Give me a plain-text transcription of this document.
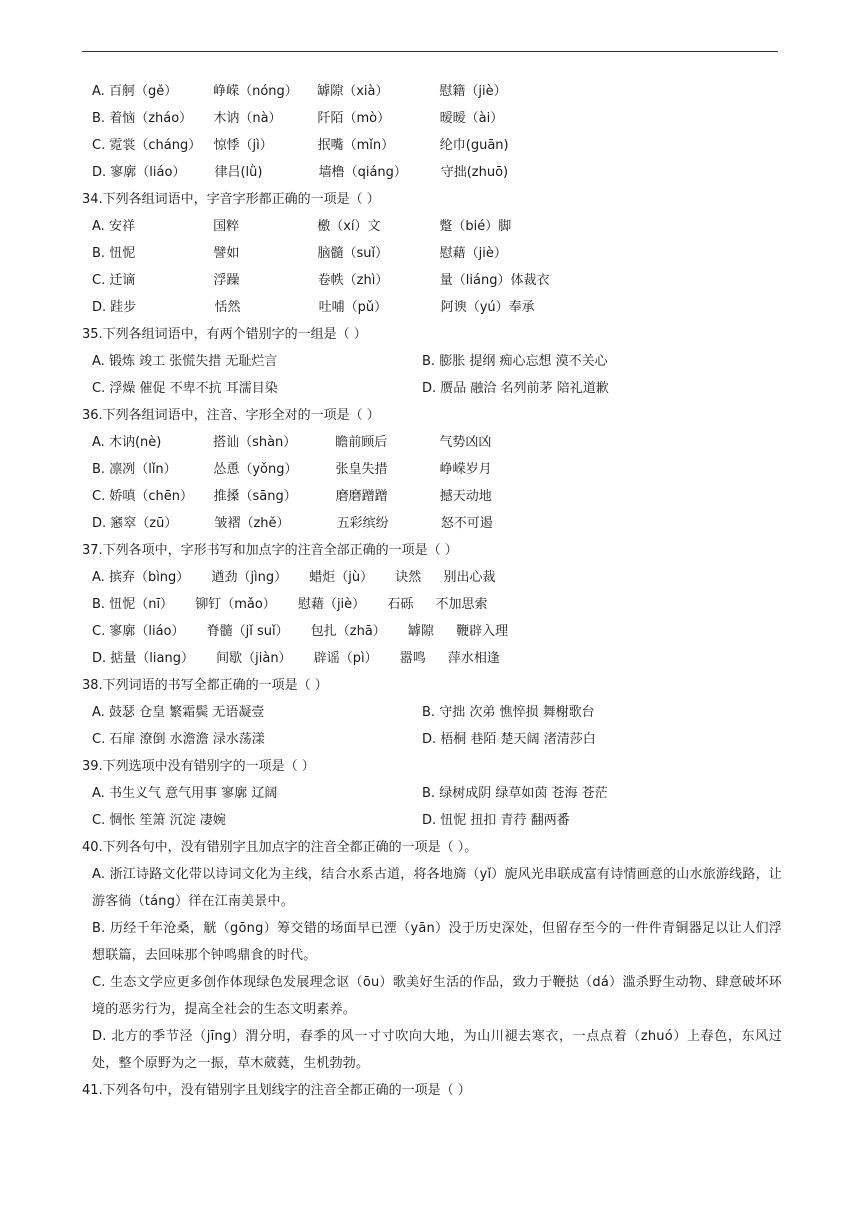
A. 百舸（gě）	峥嵘（nóng） 罅隙（xià）	慰籍（jiè）
B. 着恼（zháo） 木讷（nà）	阡陌（mò）	暧暧（ài）
C. 霓裳（cháng） 惊悸（jì）	抿嘴（mǐn）	纶巾(guān)
D. 寥廓（liáo） 律吕(lǜ)	墙橹（qiáng）	守拙(zhuō)

34.下列各组词语中，字音字形都正确的一项是（ ）

A. 安祥	国粹	檄（xí）文	蹩（bié）脚
B. 忸怩	譬如	脑髓（suǐ）	慰藉（jiè）
C. 迁谪	浮躁	卷帙（zhì）	量（liáng）体裁衣
D. 跬步	恬然	吐哺（pǔ）	阿谀（yú）奉承

35.下列各组词语中，有两个错别字的一组是（ ）

A. 锻炼 竣工 张慌失措 无耻烂言	B. 膨胀 提纲 痴心忘想 漠不关心
C. 浮燥 催促 不卑不抗 耳濡目染	D. 赝品 融洽 名列前茅 陪礼道歉

36.下列各组词语中，注音、字形全对的一项是（ ）

A. 木讷(nè)	搭讪（shàn）	瞻前顾后	气势凶凶
B. 凛冽（lǐn）	怂恿（yǒng）	张皇失措	峥嵘岁月
C. 娇嗔（chēn） 推搡（sāng）	磨磨蹭蹭	撼天动地
D. 窸窣（zū）	皱褶（zhě）	五彩缤纷	怒不可遏

37.下列各项中，字形书写和加点字的注音全部正确的一项是（ ）

A. 摈弃（bìng） 遒劲（jìng） 蜡炬（jù） 诀然 别出心裁
B. 忸怩（nī） 铆钉（mǎo） 慰藉（jiè） 石砾 不加思索
C. 寥廓（liáo） 脊髓（jǐ suǐ） 包扎（zhā） 罅隙 鞭辟入理
D. 掂量（liang） 间歇（jiàn） 辟谣（pì） 嚣鸣 萍水相逢

38.下列词语的书写全都正确的一项是（ ）

A. 鼓瑟 仓皇 繁霜鬓 无语凝壹	B. 守拙 次弟 憔悴损 舞榭歌台
C. 石扉 潦倒 水澹澹 渌水荡漾	D. 梧桐 巷陌 楚天阔 渚清莎白

39.下列选项中没有错别字的一项是（ ）

A. 书生义气 意气用事 寥廓 辽阔	B. 绿树成阴 绿草如茵 苍海 苍茫
C. 惆怅 笙箫 沉淀 凄婉	D. 忸怩 扭扣 青荇 翻两番

40.下列各句中，没有错别字且加点字的注音全都正确的一项是（ ）。

A. 浙江诗路文化带以诗词文化为主线，结合水系古道，将各地旖（yǐ）旎风光串联成富有诗情画意的山水旅游线路，让游客徜（táng）徉在江南美景中。
B. 历经千年沧桑，觥（gōng）筹交错的场面早已湮（yān）没于历史深处，但留存至今的一件件青铜器足以让人们浮想联篇，去回味那个钟鸣鼎食的时代。
C. 生态文学应更多创作体现绿色发展理念讴（ōu）歌美好生活的作品，致力于鞭挞（dá）滥杀野生动物、肆意破坏环境的恶劣行为，提高全社会的生态文明素养。
D. 北方的季节泾（jīng）渭分明，春季的风一寸寸吹向大地，为山川褪去寒衣，一点点着（zhuó）上春色，东风过处，整个原野为之一振，草木葳蕤，生机勃勃。

41.下列各句中，没有错别字且划线字的注音全都正确的一项是（ ）
